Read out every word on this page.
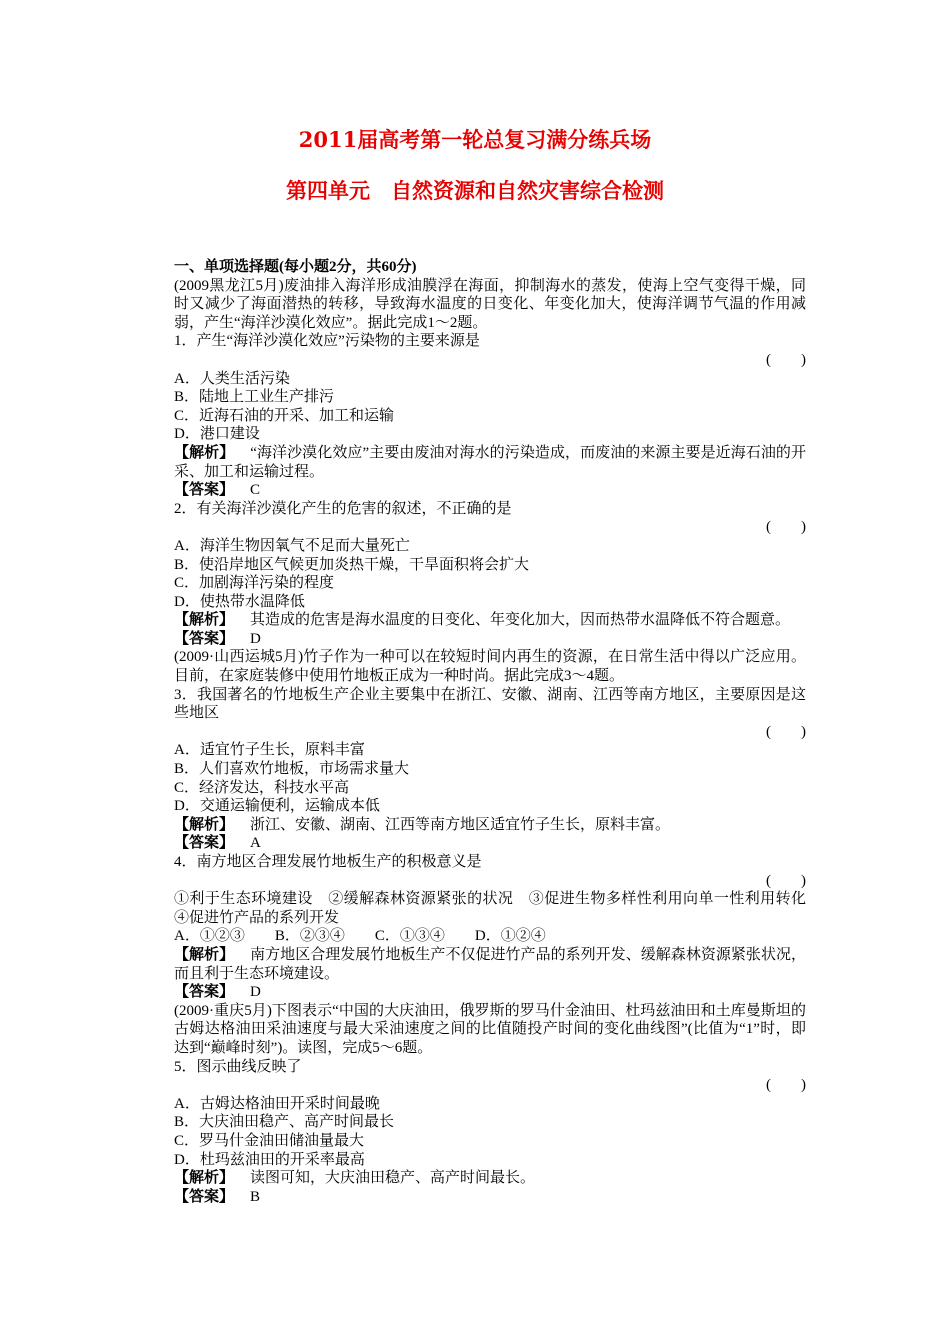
2011届高考第一轮总复习满分练兵场
第四单元　自然资源和自然灾害综合检测

一、单项选择题(每小题2分，共60分)

(2009黑龙江5月)废油排入海洋形成油膜浮在海面，抑制海水的蒸发，使海上空气变得干燥，同时又减少了海面潜热的转移，导致海水温度的日变化、年变化加大，使海洋调节气温的作用减弱，产生“海洋沙漠化效应”。据此完成1～2题。

1．产生“海洋沙漠化效应”污染物的主要来源是

(　　)

A．人类生活污染

B．陆地上工业生产排污

C．近海石油的开采、加工和运输

D．港口建设

【解析】 “海洋沙漠化效应”主要由废油对海水的污染造成，而废油的来源主要是近海石油的开采、加工和运输过程。

【答案】 C

2．有关海洋沙漠化产生的危害的叙述，不正确的是

(　　)

A．海洋生物因氧气不足而大量死亡

B．使沿岸地区气候更加炎热干燥，干旱面积将会扩大

C．加剧海洋污染的程度

D．使热带水温降低

【解析】 其造成的危害是海水温度的日变化、年变化加大，因而热带水温降低不符合题意。

【答案】 D

(2009·山西运城5月)竹子作为一种可以在较短时间内再生的资源，在日常生活中得以广泛应用。目前，在家庭装修中使用竹地板正成为一种时尚。据此完成3～4题。

3．我国著名的竹地板生产企业主要集中在浙江、安徽、湖南、江西等南方地区，主要原因是这些地区

(　　)

A．适宜竹子生长，原料丰富

B．人们喜欢竹地板，市场需求量大

C．经济发达，科技水平高

D．交通运输便利，运输成本低

【解析】 浙江、安徽、湖南、江西等南方地区适宜竹子生长，原料丰富。

【答案】 A

4．南方地区合理发展竹地板生产的积极意义是

(　　)

①利于生态环境建设　②缓解森林资源紧张的状况　③促进生物多样性利用向单一性利用转化　④促进竹产品的系列开发

A．①②③ B．②③④ C．①③④ D．①②④

【解析】 南方地区合理发展竹地板生产不仅促进竹产品的系列开发、缓解森林资源紧张状况，而且利于生态环境建设。

【答案】 D

(2009·重庆5月)下图表示“中国的大庆油田，俄罗斯的罗马什金油田、杜玛兹油田和土库曼斯坦的古姆达格油田采油速度与最大采油速度之间的比值随投产时间的变化曲线图”(比值为“1”时，即达到“巅峰时刻”)。读图，完成5～6题。

5．图示曲线反映了

(　　)

A．古姆达格油田开采时间最晚

B．大庆油田稳产、高产时间最长

C．罗马什金油田储油量最大

D．杜玛兹油田的开采率最高

【解析】 读图可知，大庆油田稳产、高产时间最长。

【答案】 B
